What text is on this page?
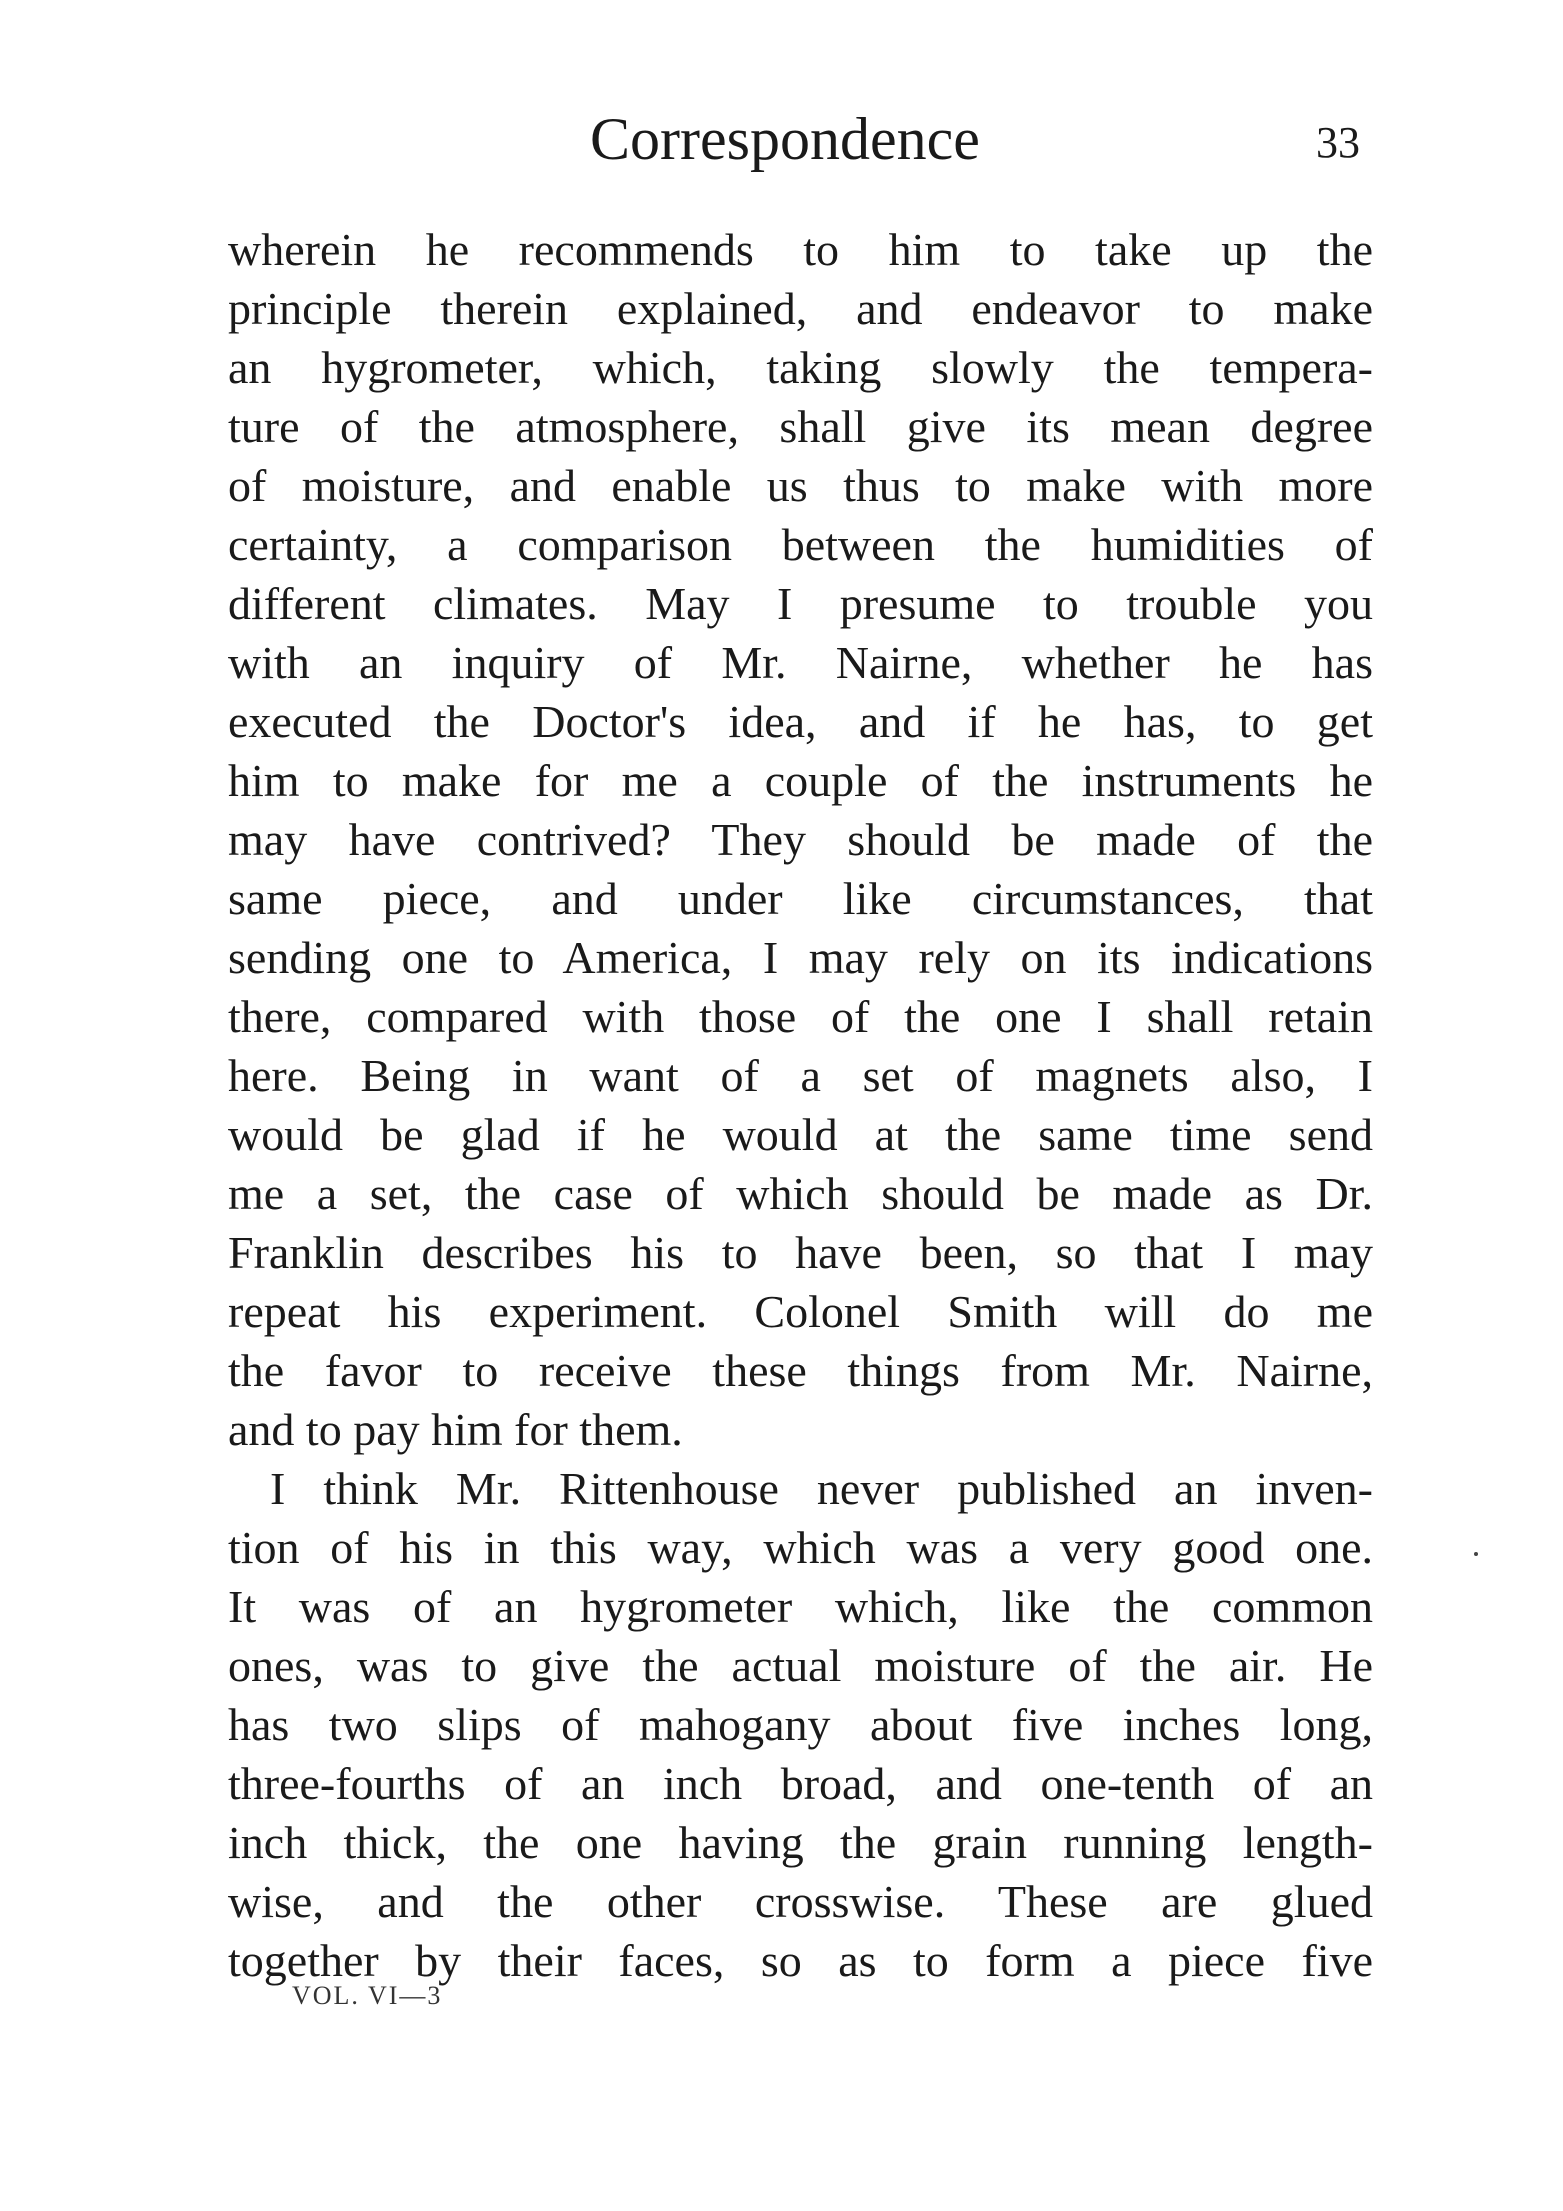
Correspondence	33
wherein he recommends to him to take up the
principle therein explained, and endeavor to make
an hygrometer, which, taking slowly the tempera-
ture of the atmosphere, shall give its mean degree
of moisture, and enable us thus to make with more
certainty, a comparison between the humidities of
different climates. May I presume to trouble you
with an inquiry of Mr. Nairne, whether he has
executed the Doctor's idea, and if he has, to get
him to make for me a couple of the instruments he
may have contrived? They should be made of the
same piece, and under like circumstances, that
sending one to America, I may rely on its indications
there, compared with those of the one I shall retain
here. Being in want of a set of magnets also, I
would be glad if he would at the same time send
me a set, the case of which should be made as Dr.
Franklin describes his to have been, so that I may
repeat his experiment. Colonel Smith will do me
the favor to receive these things from Mr. Nairne,
and to pay him for them.
I think Mr. Rittenhouse never published an inven-
tion of his in this way, which was a very good one.
It was of an hygrometer which, like the common
ones, was to give the actual moisture of the air. He
has two slips of mahogany about five inches long,
three-fourths of an inch broad, and one-tenth of an
inch thick, the one having the grain running length-
wise, and the other crosswise. These are glued
together by their faces, so as to form a piece five
VOL. VI—3
